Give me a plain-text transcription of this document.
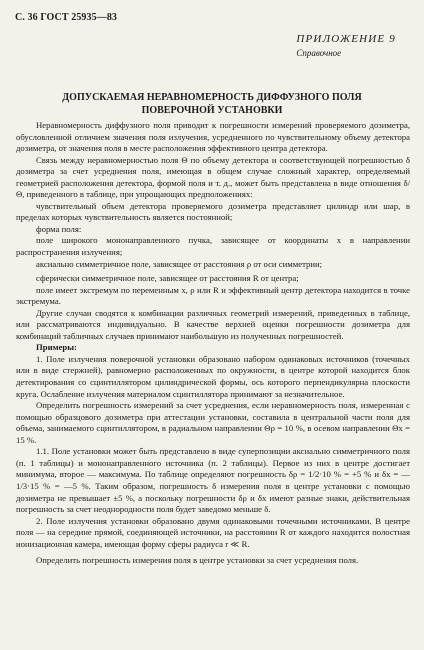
С. 36 ГОСТ 25935—83
ПРИЛОЖЕНИЕ 9
Справочное
ДОПУСКАЕМАЯ НЕРАВНОМЕРНОСТЬ ДИФФУЗНОГО ПОЛЯ
ПОВЕРОЧНОЙ УСТАНОВКИ

Неравномерность диффузного поля приводит к погрешности измерений проверяемого дозиметра, обусловленной отличием значения поля излучения, усредненного по чувствительному объему детектора дозиметра, от значения поля в месте расположения эффективного центра детектора.

Связь между неравномерностью поля Θ по объему детектора и соответствующей погрешностью δ дозиметра за счет усреднения поля, имеющая в общем случае сложный характер, определяемый геометрией расположения детектора, формой поля и т. д., может быть представлена в виде отношения δ/Θ, приведенного в таблице, при упрощающих предположениях:

чувствительный объем детектора проверяемого дозиметра представляет цилиндр или шар, в пределах которых чувствительность является постоянной;

форма поля:

поле широкого мононаправленного пучка, зависящее от координаты x в направлении распространения излучения;

аксиально симметричное поле, зависящее от расстояния ρ от оси симметрии;

сферически симметричное поле, зависящее от расстояния R от центра;

поле имеет экстремум по переменным x, ρ или R и эффективный центр детектора находится в точке экстремума.

Другие случаи сводятся к комбинации различных геометрий измерений, приведенных в таблице, или рассматриваются индивидуально. В качестве верхней оценки погрешности дозиметра для комбинаций табличных случаев принимают наибольшую из полученных погрешностей.

Примеры:

1. Поле излучения поверочной установки образовано набором одинаковых источников (точечных или в виде стержней), равномерно расположенных по окружности, в центре которой находится блок детектирования со сцинтиллятором цилиндрической формы, ось которого перпендикулярна плоскости круга. Ослабление излучения материалом сцинтиллятора принимают за незначительное.

Определить погрешность измерений за счет усреднения, если неравномерность поля, измеренная с помощью образцового дозиметра при аттестации установки, составила в центральной части поля для объема, занимаемого сцинтиллятором, в радиальном направлении Θρ = 10 %, в осевом направлении Θx = 15 %.

1.1. Поле установки может быть представлено в виде суперпозиции аксиально симметричного поля (п. 1 таблицы) и мононаправленного источника (п. 2 таблицы). Первое из них в центре достигает минимума, второе — максимума. По таблице определяют погрешность δρ = 1/2·10 % = +5 % и δx = —1/3·15 % = —5 %. Таким образом, погрешность δ измерения поля в центре установки с помощью дозиметра не превышает ±5 %, а поскольку погрешности δρ и δx имеют разные знаки, действительная погрешность за счет неоднородности поля будет заведомо меньше δ.

2. Поле излучения установки образовано двумя одинаковыми точечными источниками. В центре поля — на середине прямой, соединяющей источники, на расстоянии R от каждого находится полостная ионизационная камера, имеющая форму сферы радиуса r ≪ R.

Определить погрешность измерения поля в центре установки за счет усреднения поля.
